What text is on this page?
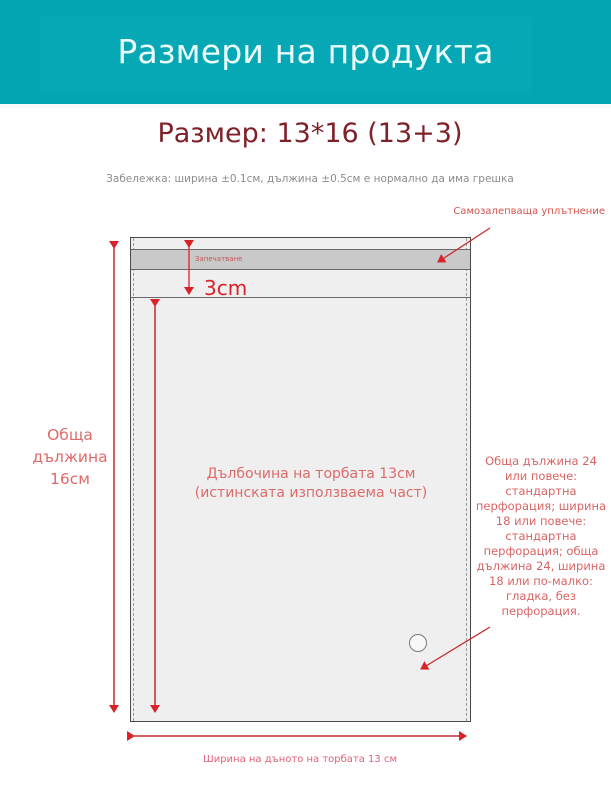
Размери на продукта
Размер: 13*16 (13+3)
Забележка: ширина ±0.1см, дължина ±0.5см е нормално да има грешка
Самозалепваща уплътнение
Запечатване
3cm
Дълбочина на торбата 13см
(истинската използваема част)
Обща
дължина
16см
Обща дължина 24 или повече: стандартна перфорация; ширина 18 или повече: стандартна перфорация; обща дължина 24, ширина 18 или по-малко: гладка, без перфорация.
Ширина на дъното на торбата 13 см
